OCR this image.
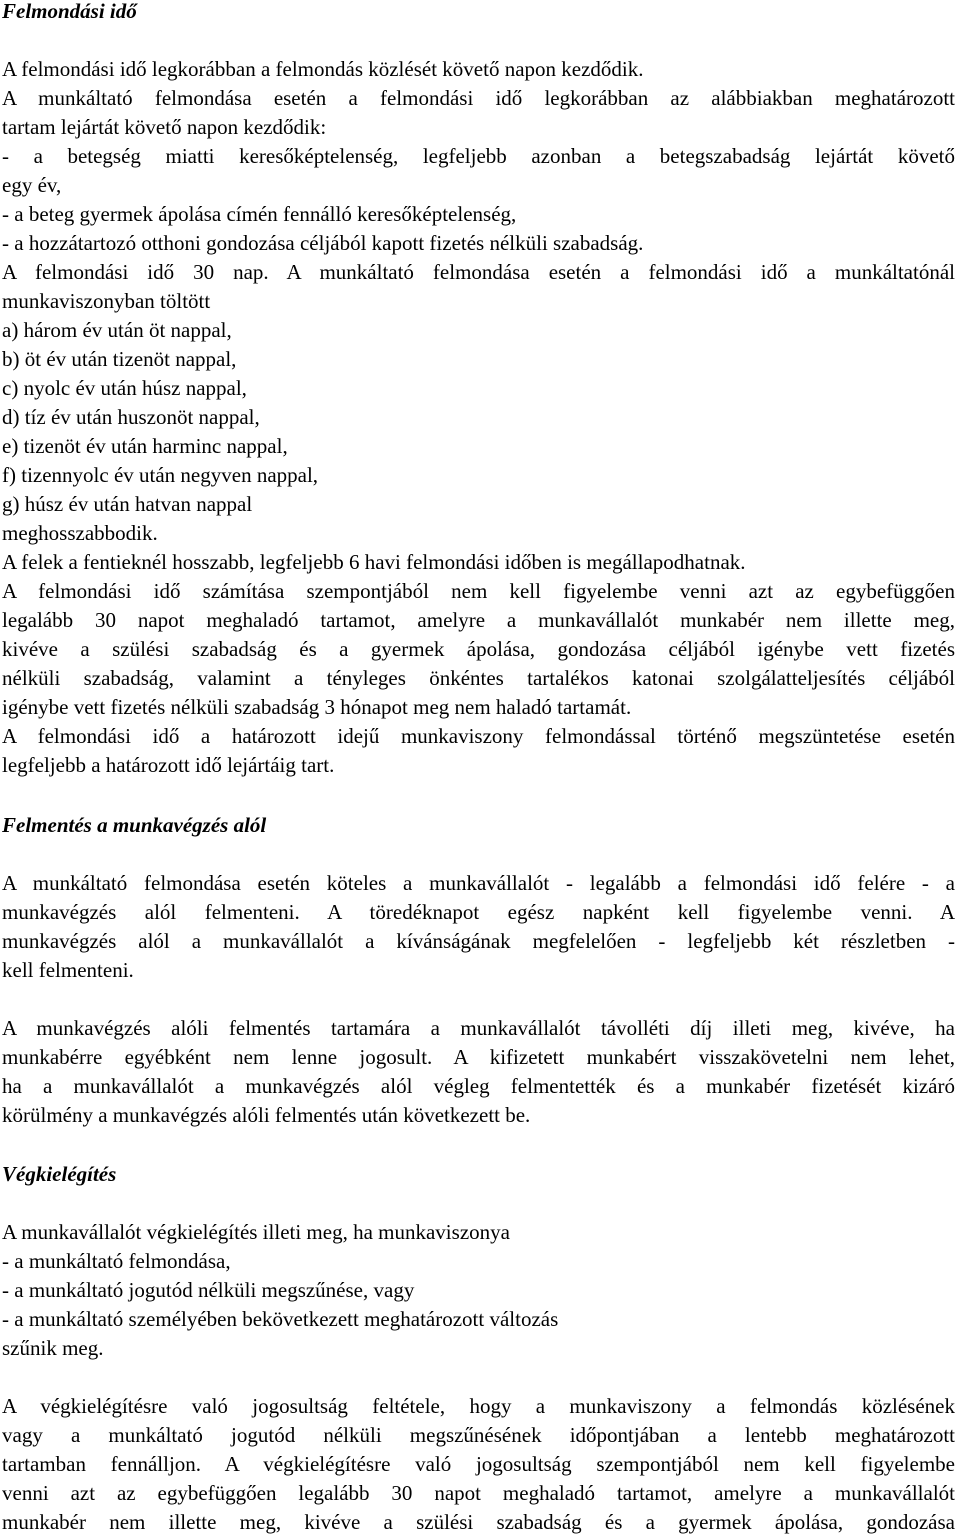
Felmondási idő
A felmondási idő legkorábban a felmondás közlését követő napon kezdődik.
A munkáltató felmondása esetén a felmondási idő legkorábban az alábbiakban meghatározott
tartam lejártát követő napon kezdődik:
- a betegség miatti keresőképtelenség, legfeljebb azonban a betegszabadság lejártát követő
egy év,
- a beteg gyermek ápolása címén fennálló keresőképtelenség,
- a hozzátartozó otthoni gondozása céljából kapott fizetés nélküli szabadság.
A felmondási idő 30 nap. A munkáltató felmondása esetén a felmondási idő a munkáltatónál
munkaviszonyban töltött
a) három év után öt nappal,
b) öt év után tizenöt nappal,
c) nyolc év után húsz nappal,
d) tíz év után huszonöt nappal,
e) tizenöt év után harminc nappal,
f) tizennyolc év után negyven nappal,
g) húsz év után hatvan nappal
meghosszabbodik.
A felek a fentieknél hosszabb, legfeljebb 6 havi felmondási időben is megállapodhatnak.
A felmondási idő számítása szempontjából nem kell figyelembe venni azt az egybefüggően
legalább 30 napot meghaladó tartamot, amelyre a munkavállalót munkabér nem illette meg,
kivéve a szülési szabadság és a gyermek ápolása, gondozása céljából igénybe vett fizetés
nélküli szabadság, valamint a tényleges önkéntes tartalékos katonai szolgálatteljesítés céljából
igénybe vett fizetés nélküli szabadság 3 hónapot meg nem haladó tartamát.
A felmondási idő a határozott idejű munkaviszony felmondással történő megszüntetése esetén
legfeljebb a határozott idő lejártáig tart.
Felmentés a munkavégzés alól
A munkáltató felmondása esetén köteles a munkavállalót - legalább a felmondási idő felére - a
munkavégzés alól felmenteni. A töredéknapot egész napként kell figyelembe venni. A
munkavégzés alól a munkavállalót a kívánságának megfelelően - legfeljebb két részletben -
kell felmenteni.
A munkavégzés alóli felmentés tartamára a munkavállalót távolléti díj illeti meg, kivéve, ha
munkabérre egyébként nem lenne jogosult. A kifizetett munkabért visszakövetelni nem lehet,
ha a munkavállalót a munkavégzés alól végleg felmentették és a munkabér fizetését kizáró
körülmény a munkavégzés alóli felmentés után következett be.
Végkielégítés
A munkavállalót végkielégítés illeti meg, ha munkaviszonya
- a munkáltató felmondása,
- a munkáltató jogutód nélküli megszűnése, vagy
- a munkáltató személyében bekövetkezett meghatározott változás
szűnik meg.
A végkielégítésre való jogosultság feltétele, hogy a munkaviszony a felmondás közlésének
vagy a munkáltató jogutód nélküli megszűnésének időpontjában a lentebb meghatározott
tartamban fennálljon. A végkielégítésre való jogosultság szempontjából nem kell figyelembe
venni azt az egybefüggően legalább 30 napot meghaladó tartamot, amelyre a munkavállalót
munkabér nem illette meg, kivéve a szülési szabadság és a gyermek ápolása, gondozása
